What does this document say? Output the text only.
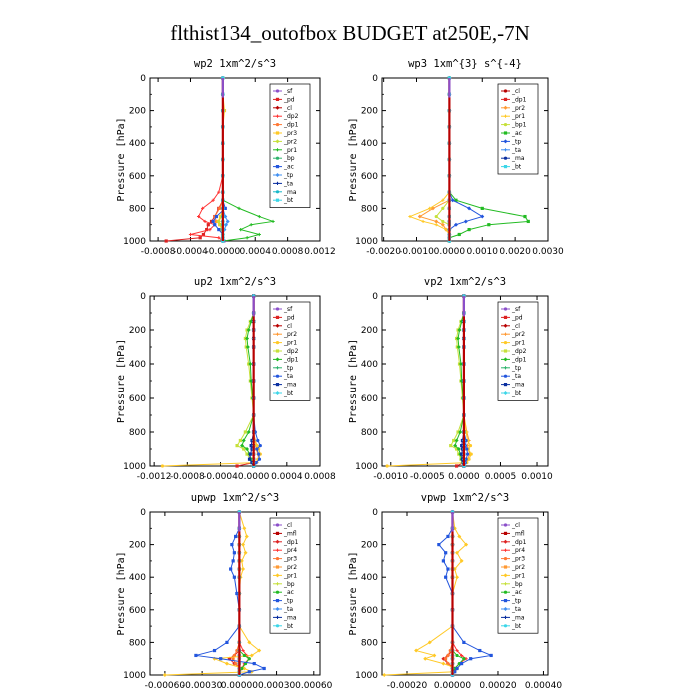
flthist134_outofbox BUDGET at250E,-7N
wp2 1xm^2/s^3
Pressure [hPa]
0
200
400
600
800
1000
-0.0008
-0.0004
-0.0000 0.0004 0.0008 0.0012
_sf
_pd
_cl
_dp2
_dp1
_pr3
_pr2
_pr1
_bp
_ac
_tp
_ta
_ma
_bt
wp3 1xm^{3} s^{-4}
Pressure [hPa]
0
200
400
600
800
1000
-0.0020
-0.0010 0.0000 0.0010 0.0020 0.0030
_cl
_dp1
_pr2
_pr1
_bp1
_ac
_tp
_ta
_ma
_bt
up2 1xm^2/s^3
Pressure [hPa]
0
200
400
600
800
1000
-0.0012
-0.0008
-0.0004 0.0000 0.0004 0.0008
_sf
_pd
_cl
_pr2
_pr1
_dp2
_dp1
_tp
_ta
_ma
_bt
vp2 1xm^2/s^3
Pressure [hPa]
0
200
400
600
800
1000
-0.0010 -0.0005 0.0000 0.0005 0.0010
_sf
_pd
_cl
_pr2
_pr1
_dp2
_dp1
_tp
_ta
_ma
_bt
upwp 1xm^2/s^3
Pressure [hPa]
0
200
400
600
800
1000
-0.00060
-0.00030
0.00000 0.00030 0.00060
_cl
_mfl
_dp1
_pr4
_pr3
_pr2
_pr1
_bp
_ac
_tp
_ta
_ma
_bt
vpwp 1xm^2/s^3
Pressure [hPa]
0
200
400
600
800
1000
-0.00020 0.00000 0.00020 0.00040
_cl
_mfl
_dp1
_pr4
_pr3
_pr2
_pr1
_bp
_ac
_tp
_ta
_ma
_bt
